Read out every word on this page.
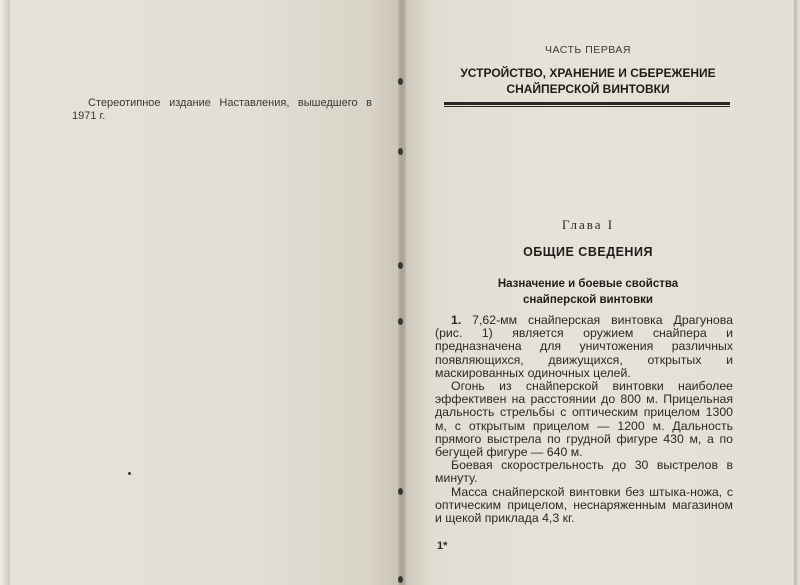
Стереотипное издание Наставления, вышедшего в 1971 г.
ЧАСТЬ ПЕРВАЯ
УСТРОЙСТВО, ХРАНЕНИЕ И СБЕРЕЖЕНИЕ
СНАЙПЕРСКОЙ ВИНТОВКИ
Глава I
ОБЩИЕ СВЕДЕНИЯ
Назначение и боевые свойства
снайперской винтовки

1. 7,62-мм снайперская винтовка Драгунова (рис. 1) является оружием снайпера и предназначена для уничтожения различных появляющихся, движущихся, открытых и маскированных одиночных целей.

Огонь из снайперской винтовки наиболее эффективен на расстоянии до 800 м. Прицельная дальность стрельбы с оптическим прицелом 1300 м, с открытым прицелом — 1200 м. Дальность прямого выстрела по грудной фигуре 430 м, а по бегущей фигуре — 640 м.

Боевая скорострельность до 30 выстрелов в минуту.

Масса снайперской винтовки без штыка-ножа, с оптическим прицелом, неснаряженным магазином и щекой приклада 4,3 кг.

1*
